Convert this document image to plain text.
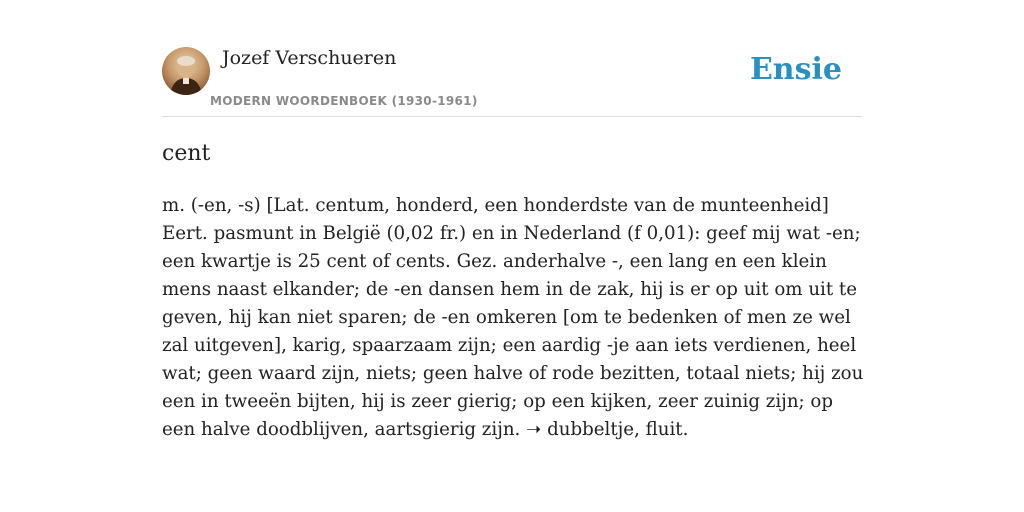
Jozef Verschueren
MODERN WOORDENBOEK (1930-1961)
Ensie
cent

m. (-en, -s) [Lat. centum, honderd, een honderdste van de munteenheid] Eert. pasmunt in België (0,02 fr.) en in Nederland (f 0,01): geef mij wat -en; een kwartje is 25 cent of cents. Gez. anderhalve -, een lang en een klein mens naast elkander; de -en dansen hem in de zak, hij is er op uit om uit te geven, hij kan niet sparen; de -en omkeren [om te bedenken of men ze wel zal uitgeven], karig, spaarzaam zijn; een aardig -je aan iets verdienen, heel wat; geen waard zijn, niets; geen halve of rode bezitten, totaal niets; hij zou een in tweeën bijten, hij is zeer gierig; op een kijken, zeer zuinig zijn; op een halve doodblijven, aartsgierig zijn. ➝ dubbeltje, fluit.
